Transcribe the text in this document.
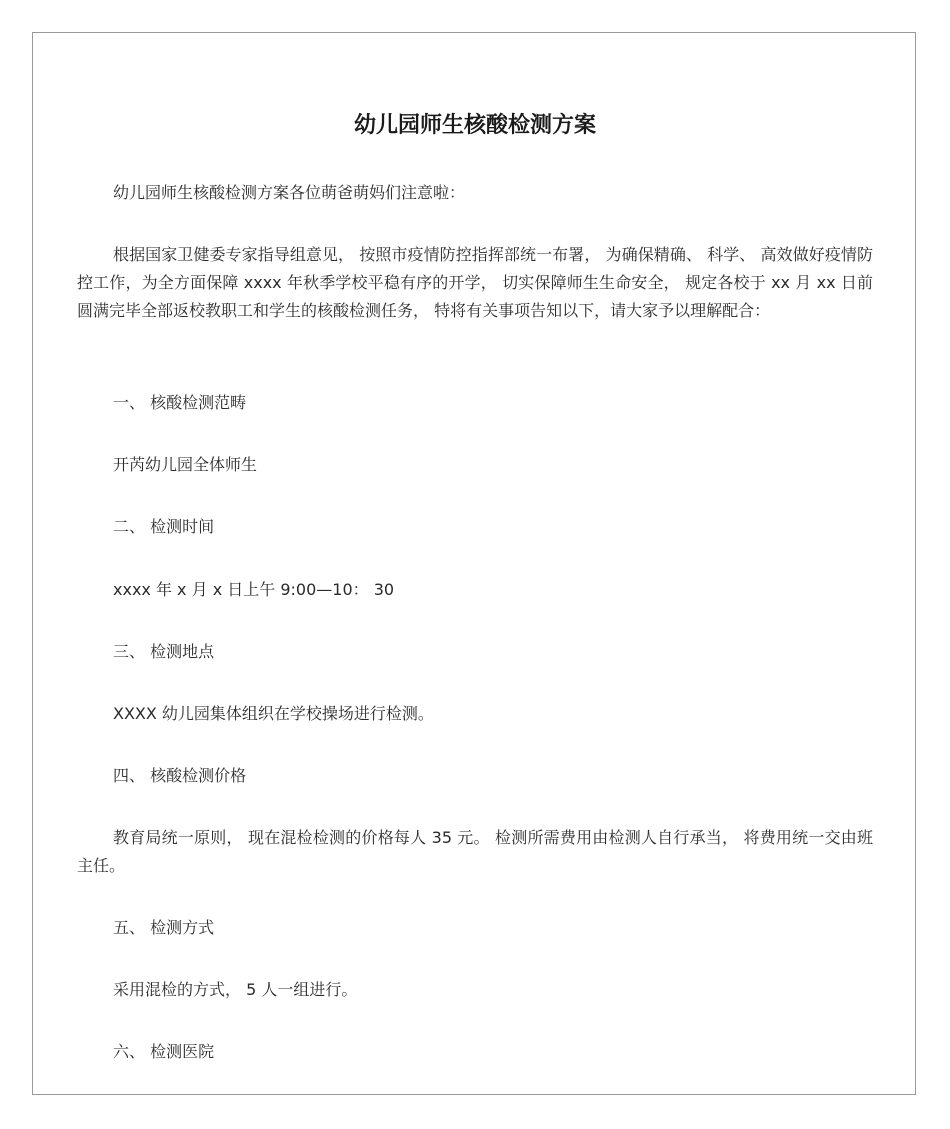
幼儿园师生核酸检测方案

幼儿园师生核酸检测方案各位萌爸萌妈们注意啦：

根据国家卫健委专家指导组意见， 按照市疫情防控指挥部统一布署， 为确保精确、 科学、 高效做好疫情防控工作，为全方面保障 xxxx 年秋季学校平稳有序的开学， 切实保障师生生命安全， 规定各校于 xx 月 xx 日前圆满完毕全部返校教职工和学生的核酸检测任务， 特将有关事项告知以下，请大家予以理解配合：

一、 核酸检测范畴

开芮幼儿园全体师生

二、 检测时间

xxxx 年 x 月 x 日上午 9:00—10： 30

三、 检测地点

XXXX 幼儿园集体组织在学校操场进行检测。

四、 核酸检测价格

教育局统一原则， 现在混检检测的价格每人 35 元。 检测所需费用由检测人自行承当， 将费用统一交由班主任。

五、 检测方式

采用混检的方式， 5 人一组进行。

六、 检测医院
